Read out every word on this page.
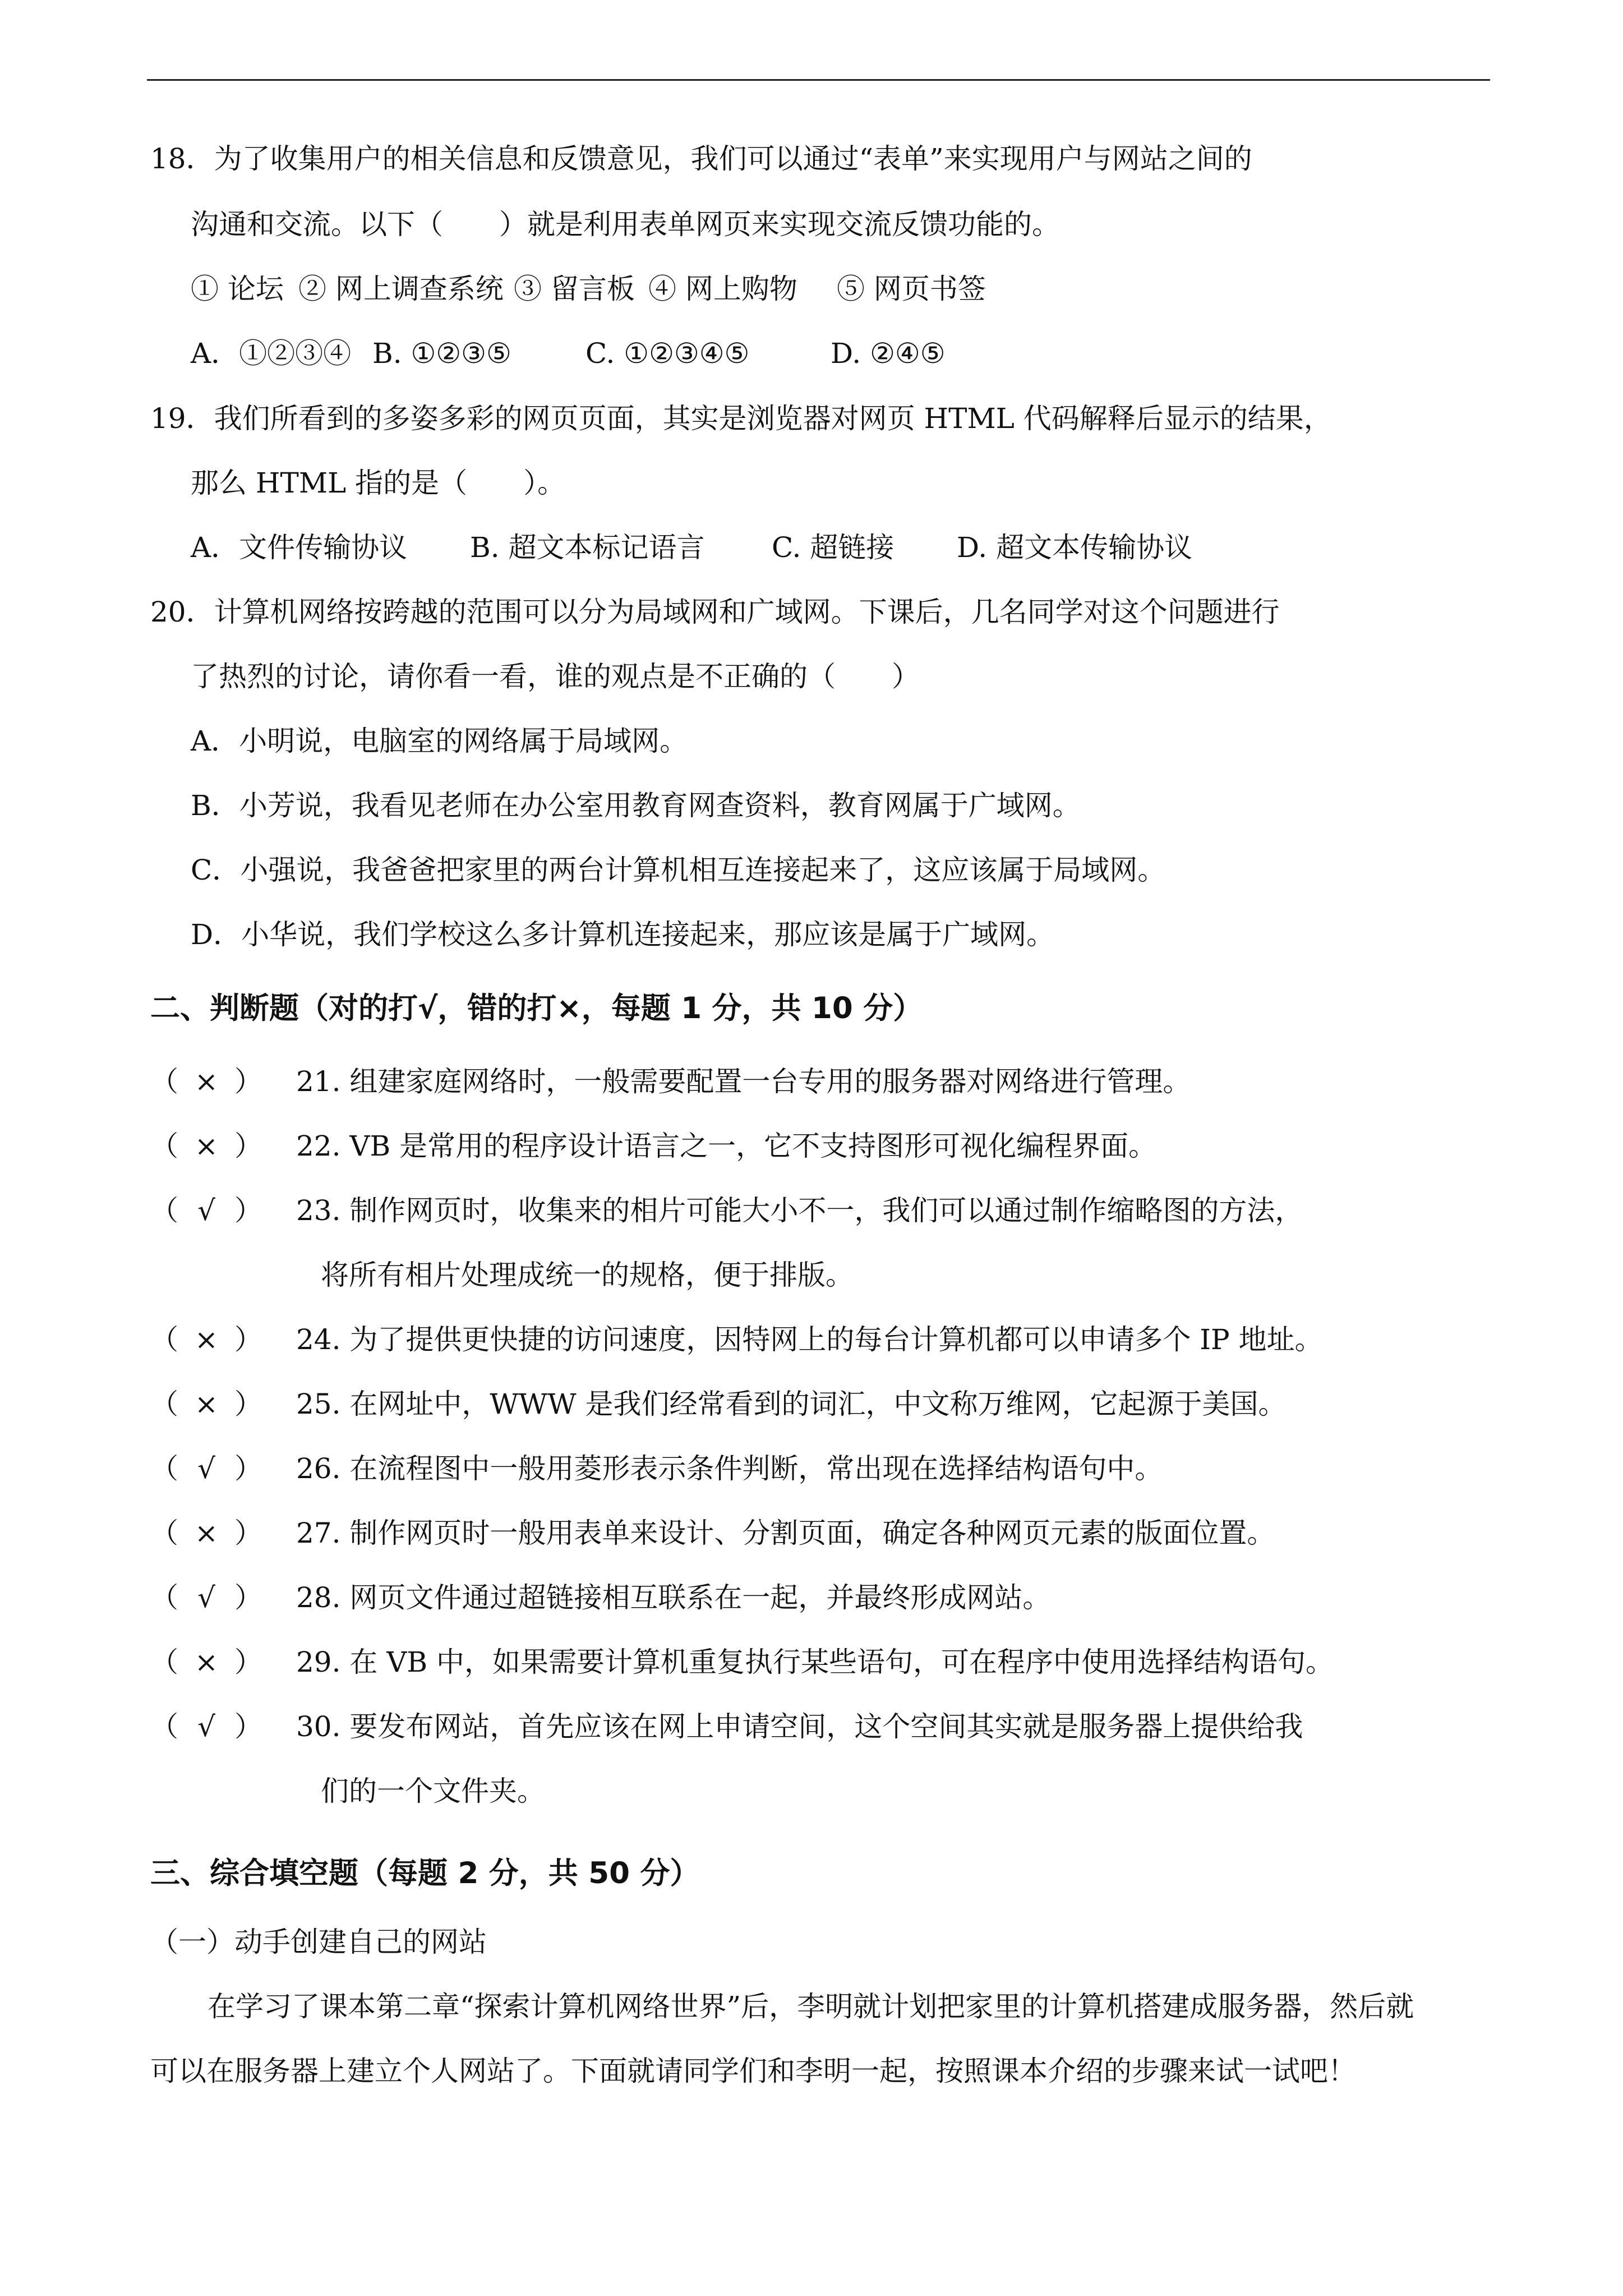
18．为了收集用户的相关信息和反馈意见，我们可以通过“表单”来实现用户与网站之间的
沟通和交流。以下（　　）就是利用表单网页来实现交流反馈功能的。
① 论坛 ② 网上调查系统 ③ 留言板 ④ 网上购物 ⑤ 网页书签
A．①②③④ B. ①②③⑤	C. ①②③④⑤	D. ②④⑤
19．我们所看到的多姿多彩的网页页面，其实是浏览器对网页 HTML 代码解释后显示的结果，
那么 HTML 指的是（　　）。
A．文件传输协议 B. 超文本标记语言 C. 超链接 D. 超文本传输协议
20．计算机网络按跨越的范围可以分为局域网和广域网。下课后，几名同学对这个问题进行
了热烈的讨论，请你看一看，谁的观点是不正确的（　　）
A．小明说，电脑室的网络属于局域网。
B．小芳说，我看见老师在办公室用教育网查资料，教育网属于广域网。
C．小强说，我爸爸把家里的两台计算机相互连接起来了，这应该属于局域网。
D．小华说，我们学校这么多计算机连接起来，那应该是属于广域网。
二、判断题（对的打√，错的打×，每题 1 分，共 10 分）
（ × ） 21. 组建家庭网络时，一般需要配置一台专用的服务器对网络进行管理。
（ × ） 22. VB 是常用的程序设计语言之一，它不支持图形可视化编程界面。
（ √ ） 23. 制作网页时，收集来的相片可能大小不一，我们可以通过制作缩略图的方法，
将所有相片处理成统一的规格，便于排版。
（ × ） 24. 为了提供更快捷的访问速度，因特网上的每台计算机都可以申请多个 IP 地址。
（ × ） 25. 在网址中，WWW 是我们经常看到的词汇，中文称万维网，它起源于美国。
（ √ ） 26. 在流程图中一般用菱形表示条件判断，常出现在选择结构语句中。
（ × ） 27. 制作网页时一般用表单来设计、分割页面，确定各种网页元素的版面位置。
（ √ ） 28. 网页文件通过超链接相互联系在一起，并最终形成网站。
（ × ） 29. 在 VB 中，如果需要计算机重复执行某些语句，可在程序中使用选择结构语句。
（ √ ） 30. 要发布网站，首先应该在网上申请空间，这个空间其实就是服务器上提供给我
们的一个文件夹。
三、综合填空题（每题 2 分，共 50 分）
（一）动手创建自己的网站
在学习了课本第二章“探索计算机网络世界”后，李明就计划把家里的计算机搭建成服务器，然后就
可以在服务器上建立个人网站了。下面就请同学们和李明一起，按照课本介绍的步骤来试一试吧！
